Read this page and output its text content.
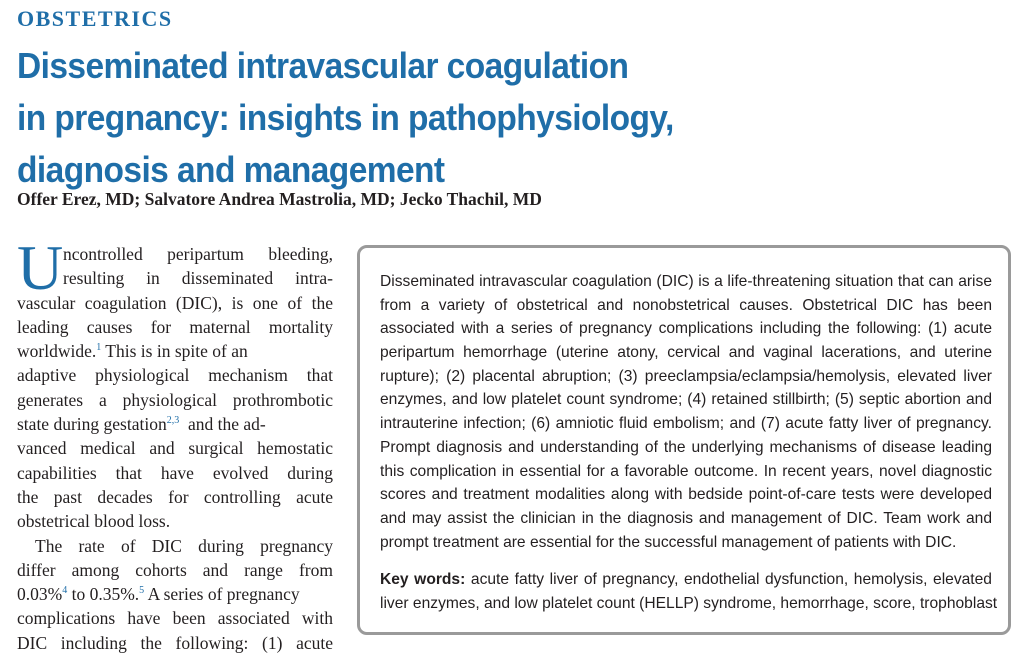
OBSTETRICS
Disseminated intravascular coagulation
in pregnancy: insights in pathophysiology,
diagnosis and management
Offer Erez, MD; Salvatore Andrea Mastrolia, MD; Jecko Thachil, MD
U ncontrolled peripartum bleeding,
resulting in disseminated intra-
vascular coagulation (DIC), is one of the
leading causes for maternal mortality
worldwide.$^1$ This is in spite of an
adaptive physiological mechanism that
generates a physiological prothrombotic
state during gestation$^{2,3}$ and the ad-
vanced medical and surgical hemostatic
capabilities that have evolved during
the past decades for controlling acute
obstetrical blood loss.
The rate of DIC during pregnancy
differ among cohorts and range from
0.03%$^4$ to 0.35%.$^5$ A series of pregnancy
complications have been associated with
DIC including the following: (1) acute
Disseminated intravascular coagulation (DIC) is a life-threatening situation that can arise
from a variety of obstetrical and nonobstetrical causes. Obstetrical DIC has been
associated with a series of pregnancy complications including the following: (1) acute
peripartum hemorrhage (uterine atony, cervical and vaginal lacerations, and uterine
rupture); (2) placental abruption; (3) preeclampsia/eclampsia/hemolysis, elevated liver
enzymes, and low platelet count syndrome; (4) retained stillbirth; (5) septic abortion and
intrauterine infection; (6) amniotic fluid embolism; and (7) acute fatty liver of pregnancy.
Prompt diagnosis and understanding of the underlying mechanisms of disease leading
this complication in essential for a favorable outcome. In recent years, novel diagnostic
scores and treatment modalities along with bedside point-of-care tests were developed
and may assist the clinician in the diagnosis and management of DIC. Team work and
prompt treatment are essential for the successful management of patients with DIC.
Key words: acute fatty liver of pregnancy, endothelial dysfunction, hemolysis, elevated
liver enzymes, and low platelet count (HELLP) syndrome, hemorrhage, score, trophoblast
